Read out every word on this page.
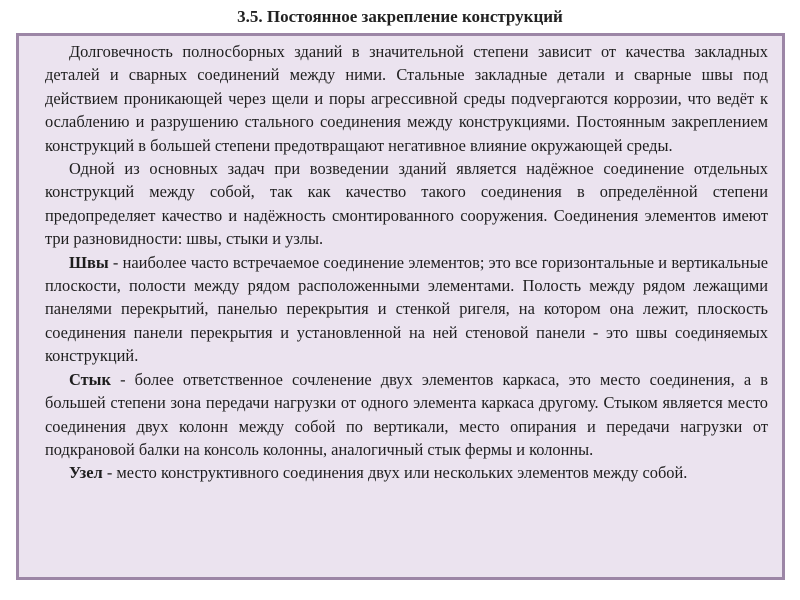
3.5. Постоянное закрепление конструкций

Долговечность полносборных зданий в значительной степени зависит от качества закладных деталей и сварных соединений между ними. Стальные закладные детали и сварные швы под действием проникающей через щели и поры агрессивной среды подvергаются коррозии, что ведёт к ослаблению и разрушению стального соединения между конструкциями. Постоянным закреплением конструкций в большей степени предотвращают негативное влияние окружающей среды.

Одной из основных задач при возведении зданий является надёжное соединение отдельных конструкций между собой, так как качество такого соединения в определённой степени предопределяет качество и надёжность смонтированного сооружения. Соединения элементов имеют три разновидности: швы, стыки и узлы.

Швы - наиболее часто встречаемое соединение элементов; это все горизонтальные и вертикальные плоскости, полости между рядом расположенными элементами. Полость между рядом лежащими панелями перекрытий, панелью перекрытия и стенкой ригеля, на котором она лежит, плоскость соединения панели перекрытия и установленной на ней стеновой панели - это швы соединяемых конструкций.

Стык - более ответственное сочленение двух элементов каркаса, это место соединения, а в большей степени зона передачи нагрузки от одного элемента каркаса другому. Стыком является место соединения двух колонн между собой по вертикали, место опирания и передачи нагрузки от подкрановой балки на консоль колонны, аналогичный стык фермы и колонны.

Узел - место конструктивного соединения двух или нескольких элементов между собой.
